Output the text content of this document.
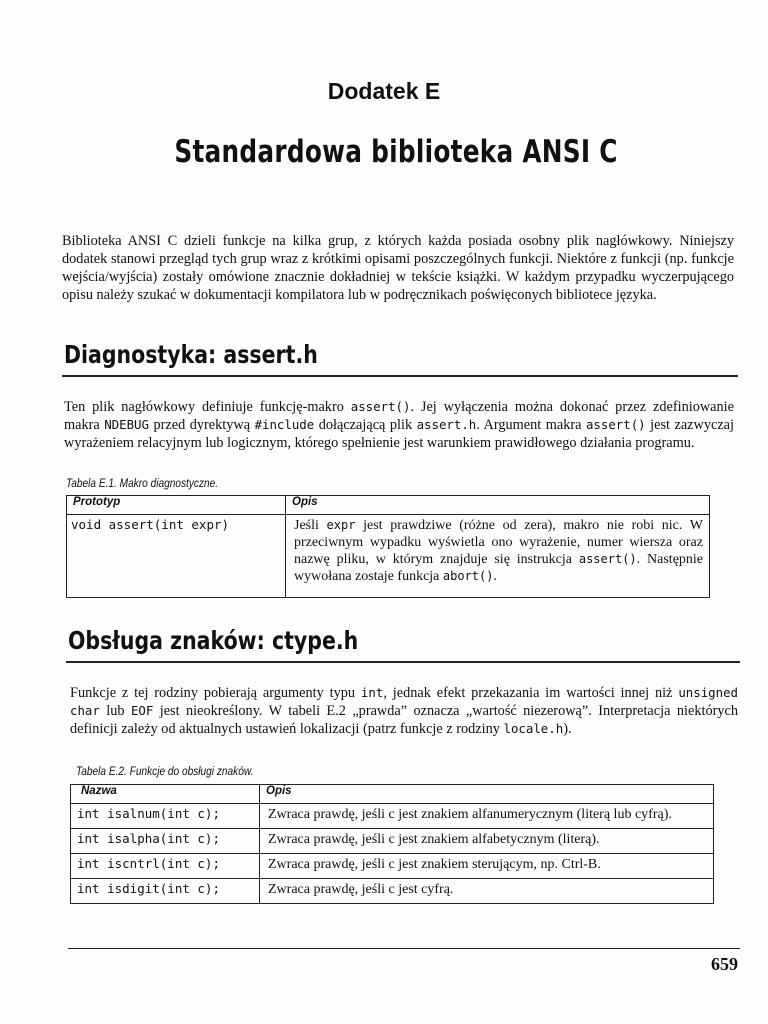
Dodatek E
Standardowa biblioteka ANSI C

Biblioteka ANSI C dzieli funkcje na kilka grup, z których każda posiada osobny plik nagłówkowy. Niniejszy dodatek stanowi przegląd tych grup wraz z krótkimi opisami poszczególnych funkcji. Niektóre z funkcji (np. funkcje wejścia/wyjścia) zostały omówione znacznie dokładniej w tekście książki. W każdym przypadku wyczerpującego opisu należy szukać w dokumentacji kompilatora lub w podręcznikach poświęconych bibliotece języka.

Diagnostyka: assert.h

Ten plik nagłówkowy definiuje funkcję-makro assert(). Jej wyłączenia można dokonać przez zdefiniowanie makra NDEBUG przed dyrektywą #include dołączającą plik assert.h. Argument makra assert() jest zazwyczaj wyrażeniem relacyjnym lub logicznym, którego spełnienie jest warunkiem prawidłowego działania programu.

Tabela E.1. Makro diagnostyczne.
Prototyp	Opis
void assert(int expr)	Jeśli expr jest prawdziwe (różne od zera), makro nie robi nic. W przeciwnym wypadku wyświetla ono wyrażenie, numer wiersza oraz nazwę pliku, w którym znajduje się instrukcja assert(). Następnie wywołana zostaje funkcja abort().
Obsługa znaków: ctype.h

Funkcje z tej rodziny pobierają argumenty typu int, jednak efekt przekazania im wartości innej niż unsigned char lub EOF jest nieokreślony. W tabeli E.2 „prawda” oznacza „wartość niezerową”. Interpretacja niektórych definicji zależy od aktualnych ustawień lokalizacji (patrz funkcje z rodziny locale.h).

Tabela E.2. Funkcje do obsługi znaków.
Nazwa	Opis
int isalnum(int c);	Zwraca prawdę, jeśli c jest znakiem alfanumerycznym (literą lub cyfrą).
int isalpha(int c);	Zwraca prawdę, jeśli c jest znakiem alfabetycznym (literą).
int iscntrl(int c);	Zwraca prawdę, jeśli c jest znakiem sterującym, np. Ctrl-B.
int isdigit(int c);	Zwraca prawdę, jeśli c jest cyfrą.
659
